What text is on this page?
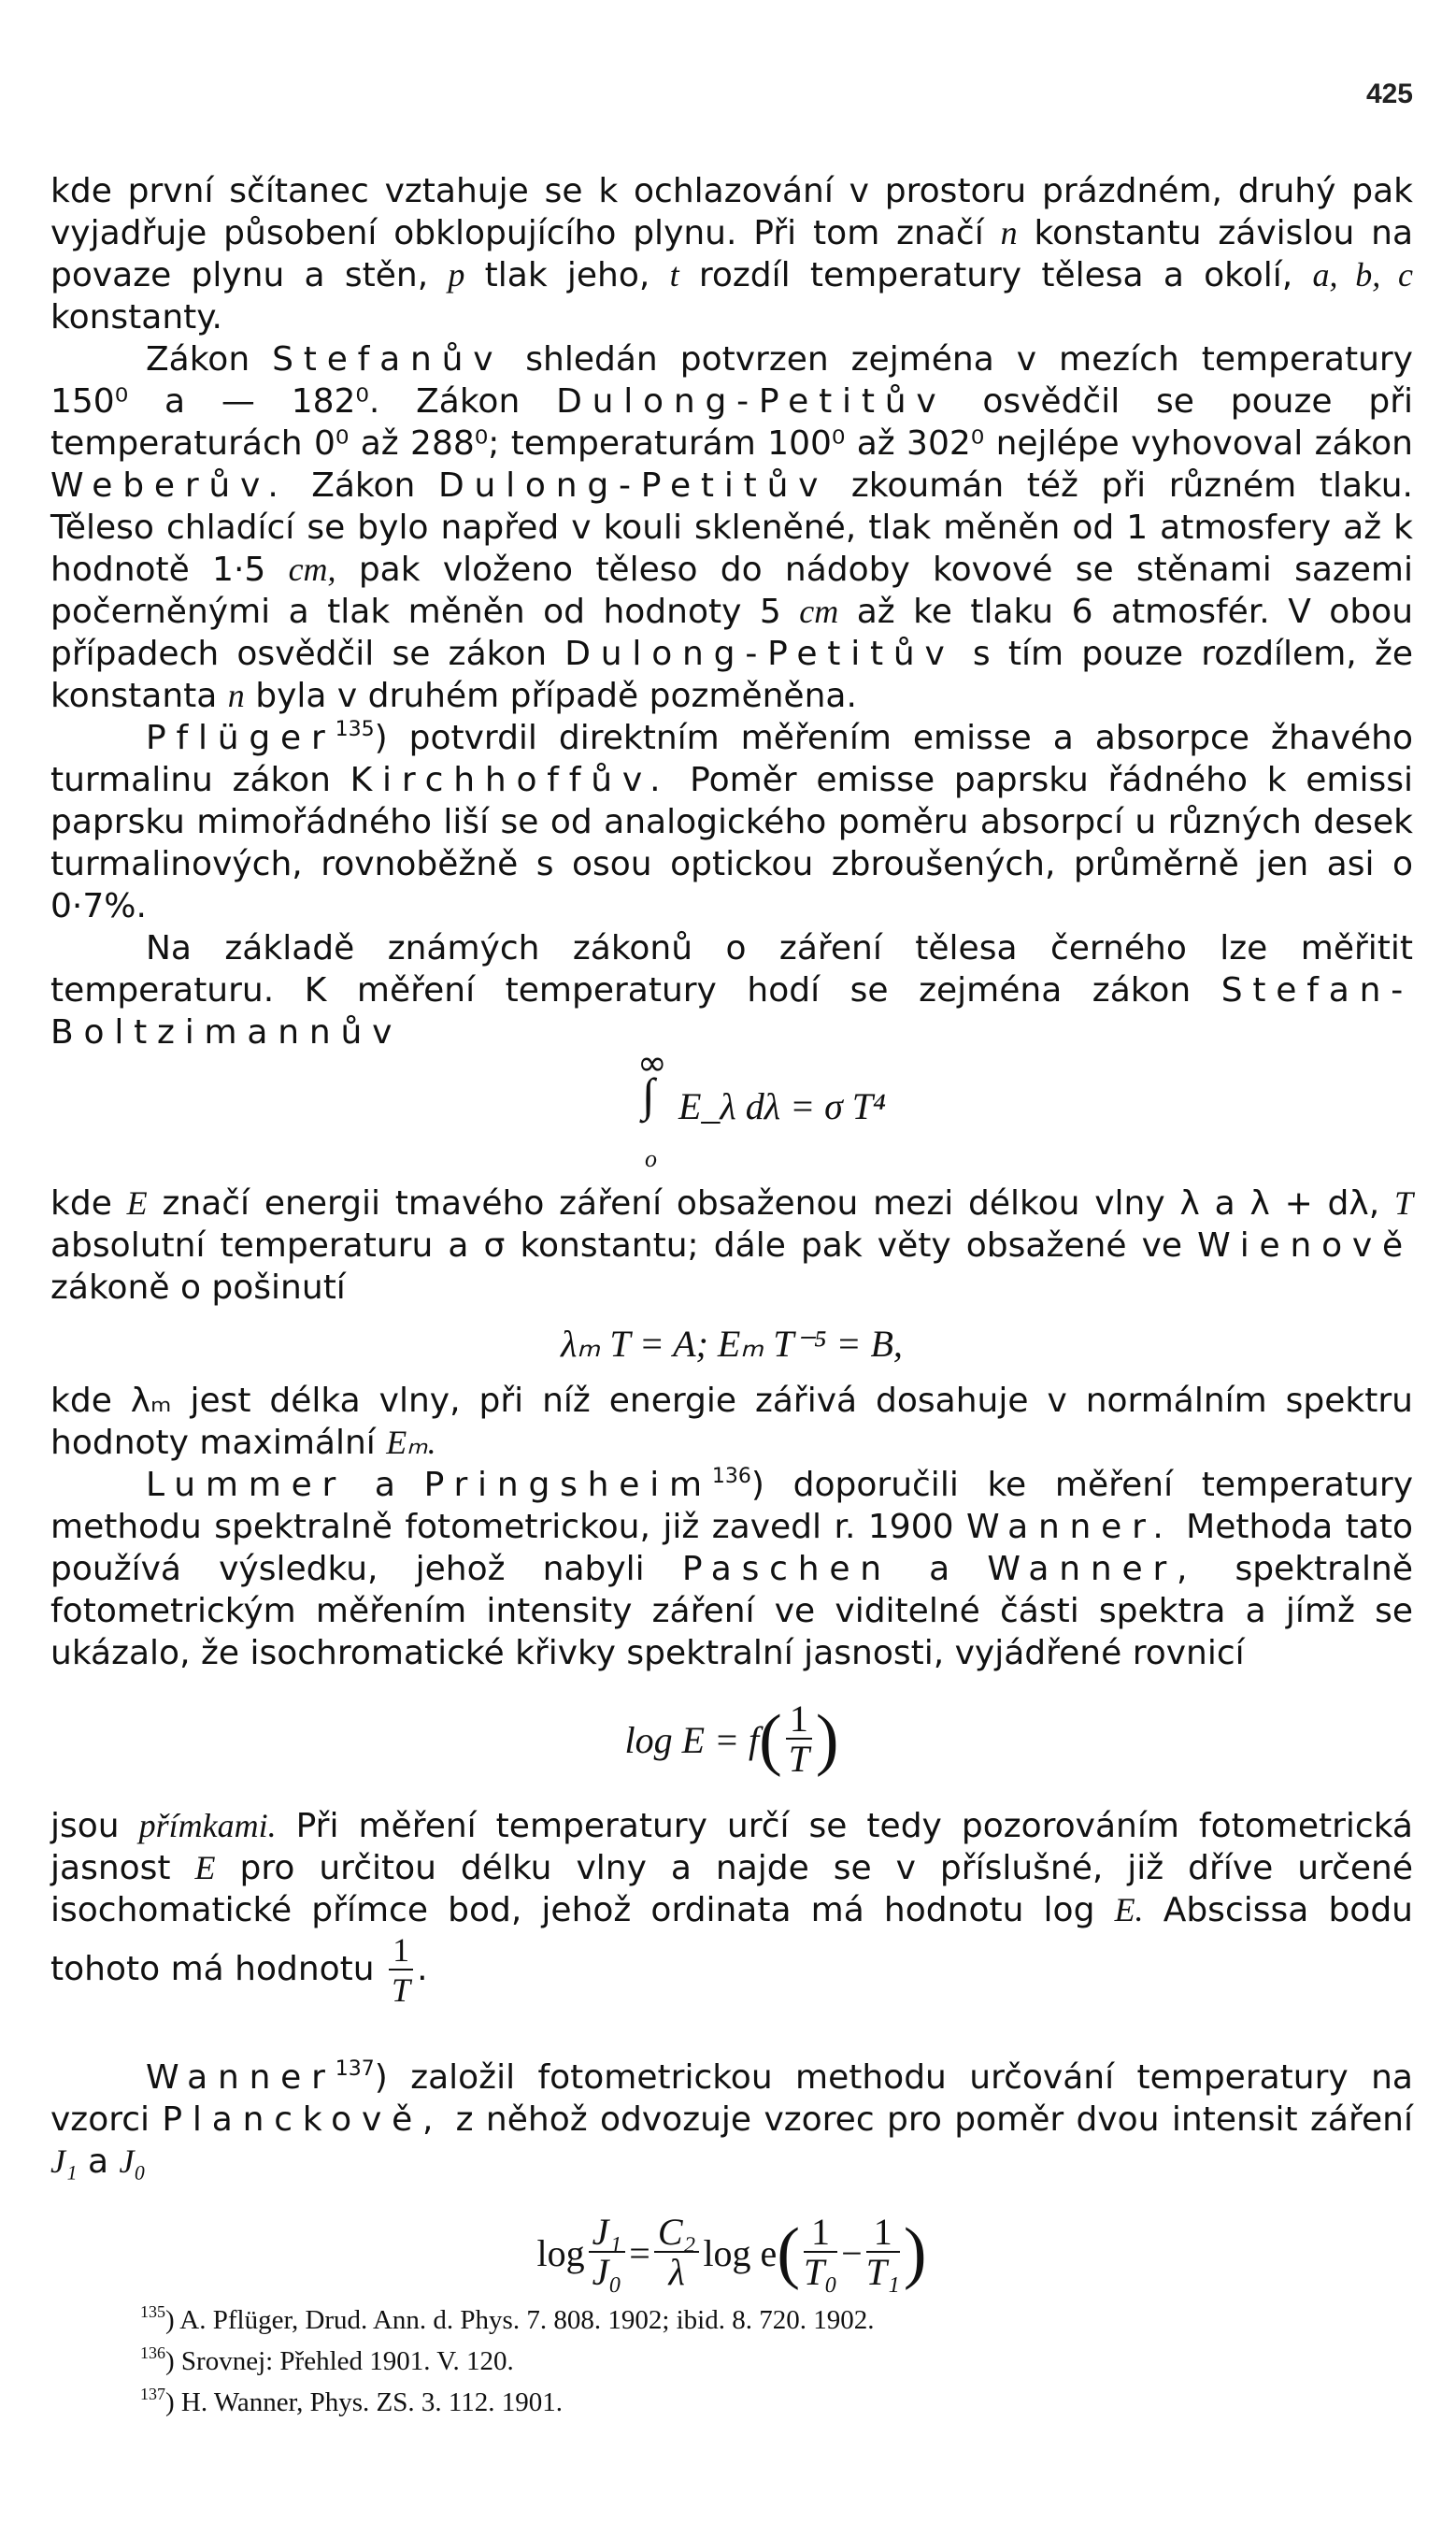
425

kde první sčítanec vztahuje se k ochlazování v prostoru prázdném, druhý pak vyjadřuje působení obklopujícího plynu. Při tom značí n konstantu závislou na povaze plynu a stěn, p tlak jeho, t rozdíl temperatury tělesa a okolí, a, b, c konstanty.

Zákon Stefanův shledán potvrzen zejména v mezích temperatury 150⁰ a — 182⁰. Zákon Dulong-Petitův osvědčil se pouze při temperaturách 0⁰ až 288⁰; temperaturám 100⁰ až 302⁰ nejlépe vyhovoval zákon Weberův. Zákon Dulong-Petitův zkoumán též při různém tlaku. Těleso chladící se bylo napřed v kouli skleněné, tlak měněn od 1 atmosfery až k hodnotě 1·5 cm, pak vloženo těleso do nádoby kovové se stěnami sazemi počerněnými a tlak měněn od hodnoty 5 cm až ke tlaku 6 atmosfér. V obou případech osvědčil se zákon Dulong-Petitův s tím pouze rozdílem, že konstanta n byla v druhém případě pozměněna.

Pflüger$^{135}$) potvrdil direktním měřením emisse a absorpce žhavého turmalinu zákon Kirchhoffův. Poměr emisse paprsku řádného k emissi paprsku mimořádného liší se od analogického poměru absorpcí u různých desek turmalinových, rovnoběžně s osou optickou zbroušených, průměrně jen asi o 0·7%.

Na základě známých zákonů o záření tělesa černého lze měřitit temperaturu. K měření temperatury hodí se zejména zákon Stefan-Boltzimannův

∞
∫
o
E_λ dλ = σ T⁴

kde E značí energii tmavého záření obsaženou mezi délkou vlny λ a λ + dλ, T absolutní temperaturu a σ konstantu; dále pak věty obsažené ve Wienově zákoně o pošinutí

λₘ T = A; Eₘ T⁻⁵ = B,

kde λₘ jest délka vlny, při níž energie zářivá dosahuje v normálním spektru hodnoty maximální Eₘ.

Lummer a Pringsheim$^{136}$) doporučili ke měření temperatury methodu spektralně fotometrickou, již zavedl r. 1900 Wanner. Methoda tato používá výsledku, jehož nabyli Paschen a Wanner, spektralně fotometrickým měřením intensity záření ve viditelné části spektra a jímž se ukázalo, že isochromatické křivky spektralní jasnosti, vyjádřené rovnicí

log E = f ( $\frac{1}{T}$ )

jsou přímkami. Při měření temperatury určí se tedy pozorováním fotometrická jasnost E pro určitou délku vlny a najde se v příslušné, již dříve určené isochomatické přímce bod, jehož ordinata má hodnotu log E. Abscissa bodu tohoto má hodnotu $\frac{1}{T}$ .

Wanner$^{137}$) založil fotometrickou methodu určování temperatury na vzorci Planckově, z něhož odvozuje vzorec pro poměr dvou intensit záření J₁ a J₀

$\log \frac{\text{J₁}}{\text{J₀}} = \frac{\text{C₂}}{\lambda}$ log e ( $\frac{1}{\text{T₀}} - \frac{1}{\text{T₁}}$ )
$^{135}$) A. Pflüger, Drud. Ann. d. Phys. 7. 808. 1902; ibid. 8. 720. 1902.
$^{136}$) Srovnej: Přehled 1901. V. 120.
$^{137}$) H. Wanner, Phys. ZS. 3. 112. 1901.
